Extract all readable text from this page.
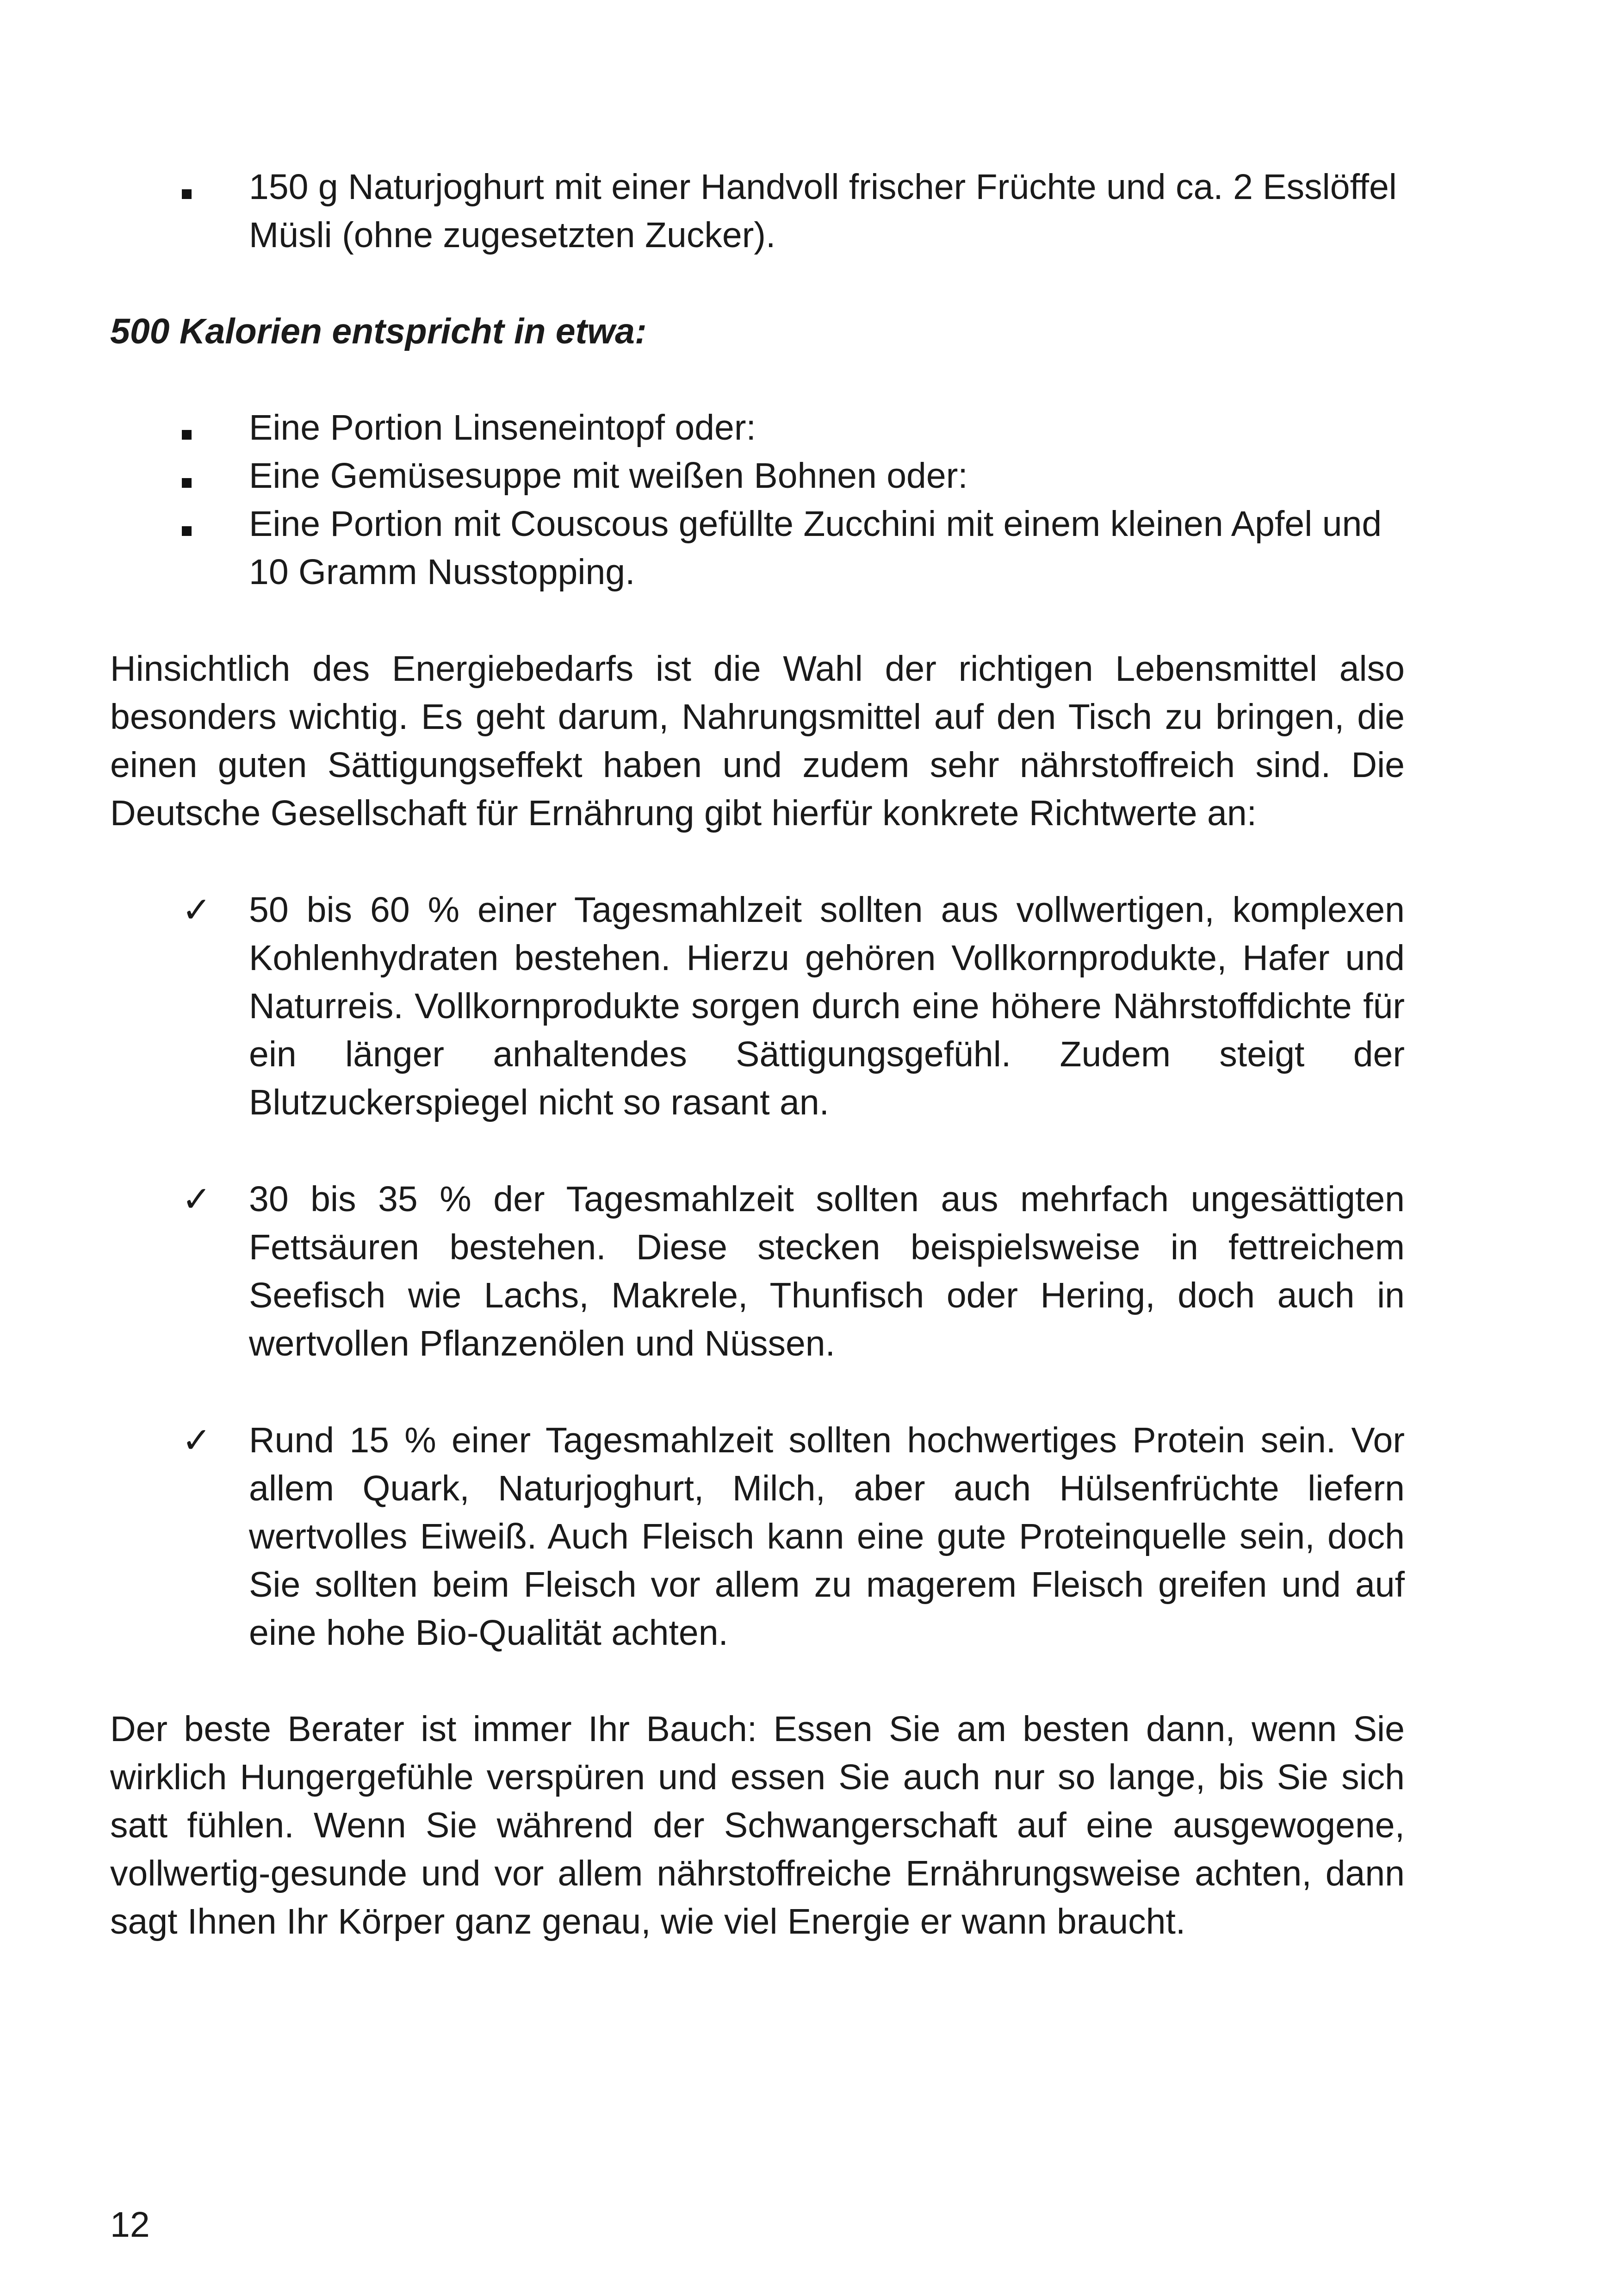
150 g Naturjoghurt mit einer Handvoll frischer Früchte und ca. 2 Esslöffel Müsli (ohne zugesetzten Zucker).

500 Kalorien entspricht in etwa:

Eine Portion Linseneintopf oder:
Eine Gemüsesuppe mit weißen Bohnen oder:
Eine Portion mit Couscous gefüllte Zucchini mit einem kleinen Apfel und 10 Gramm Nusstopping.

Hinsichtlich des Energiebedarfs ist die Wahl der richtigen Lebensmittel also besonders wichtig. Es geht darum, Nahrungsmittel auf den Tisch zu bringen, die einen guten Sättigungseffekt haben und zudem sehr nährstoffreich sind. Die Deutsche Gesellschaft für Ernährung gibt hierfür konkrete Richtwerte an:

✓ 50 bis 60 % einer Tagesmahlzeit sollten aus vollwertigen, komplexen Kohlenhydraten bestehen. Hierzu gehören Vollkornprodukte, Hafer und Naturreis. Vollkornprodukte sorgen durch eine höhere Nährstoffdichte für ein länger anhaltendes Sättigungsgefühl. Zudem steigt der Blutzuckerspiegel nicht so rasant an.
✓ 30 bis 35 % der Tagesmahlzeit sollten aus mehrfach ungesättigten Fettsäuren bestehen. Diese stecken beispielsweise in fettreichem Seefisch wie Lachs, Makrele, Thunfisch oder Hering, doch auch in wertvollen Pflanzenölen und Nüssen.
✓ Rund 15 % einer Tagesmahlzeit sollten hochwertiges Protein sein. Vor allem Quark, Naturjoghurt, Milch, aber auch Hülsenfrüchte liefern wertvolles Eiweiß. Auch Fleisch kann eine gute Proteinquelle sein, doch Sie sollten beim Fleisch vor allem zu magerem Fleisch greifen und auf eine hohe Bio-Qualität achten.

Der beste Berater ist immer Ihr Bauch: Essen Sie am besten dann, wenn Sie wirklich Hungergefühle verspüren und essen Sie auch nur so lange, bis Sie sich satt fühlen. Wenn Sie während der Schwangerschaft auf eine ausgewogene, vollwertig-gesunde und vor allem nährstoffreiche Ernährungsweise achten, dann sagt Ihnen Ihr Körper ganz genau, wie viel Energie er wann braucht.

12
